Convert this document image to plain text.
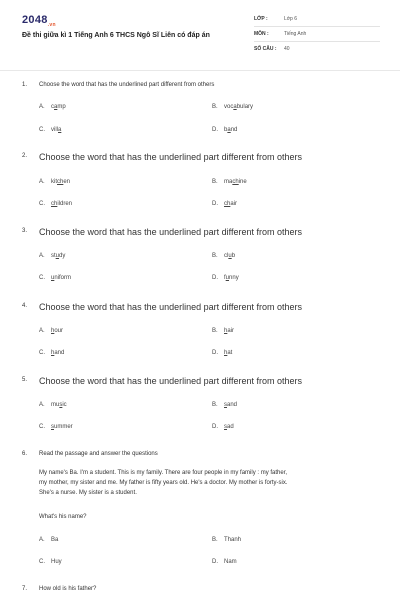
$2048_{.vn}$
Đề thi giữa kì 1 Tiếng Anh 6 THCS Ngô Sĩ Liên có đáp án
LỚP :	Lớp 6
MÔN :	Tiếng Anh
SỐ CÂU : 40
1. Choose the word that has the underlined part different from others
A. camp	B. vocabulary
C. villa	D. band
2. Choose the word that has the underlined part different from others
A. kitchen	B. machine
C. children	D. chair
3. Choose the word that has the underlined part different from others
A. study	B. club
C. uniform	D. funny
4. Choose the word that has the underlined part different from others
A. hour	B. hair
C. hand	D. hat
5. Choose the word that has the underlined part different from others
A. music	B. sand
C. summer	D. sad
6. Read the passage and answer the questions
My name's Ba. I'm a student. This is my family. There are four people in my family : my father,
my mother, my sister and me. My father is fifty years old. He's a doctor. My mother is forty-six.
She's a nurse. My sister is a student.
What's his name?
A. Ba	B. Thanh
C. Huy	D. Nam
7. How old is his father?
